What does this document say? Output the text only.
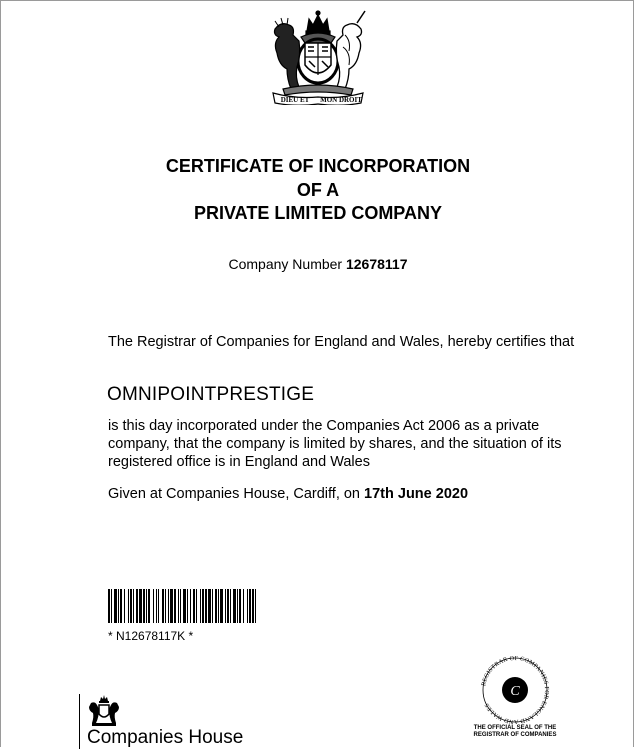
DIEU ET MON DROIT
CERTIFICATE OF INCORPORATION
OF A
PRIVATE LIMITED COMPANY
Company Number 12678117
The Registrar of Companies for England and Wales, hereby certifies that
OMNIPOINTPRESTIGE
is this day incorporated under the Companies Act 2006 as a private company, that the company is limited by shares, and the situation of its registered office is in England and Wales
Given at Companies House, Cardiff, on 17th June 2020
* N12678117K *
REGISTRAR OF COMPANIES FOR ENGLAND AND WALES
C
THE OFFICIAL SEAL OF THE
REGISTRAR OF COMPANIES
Companies House
